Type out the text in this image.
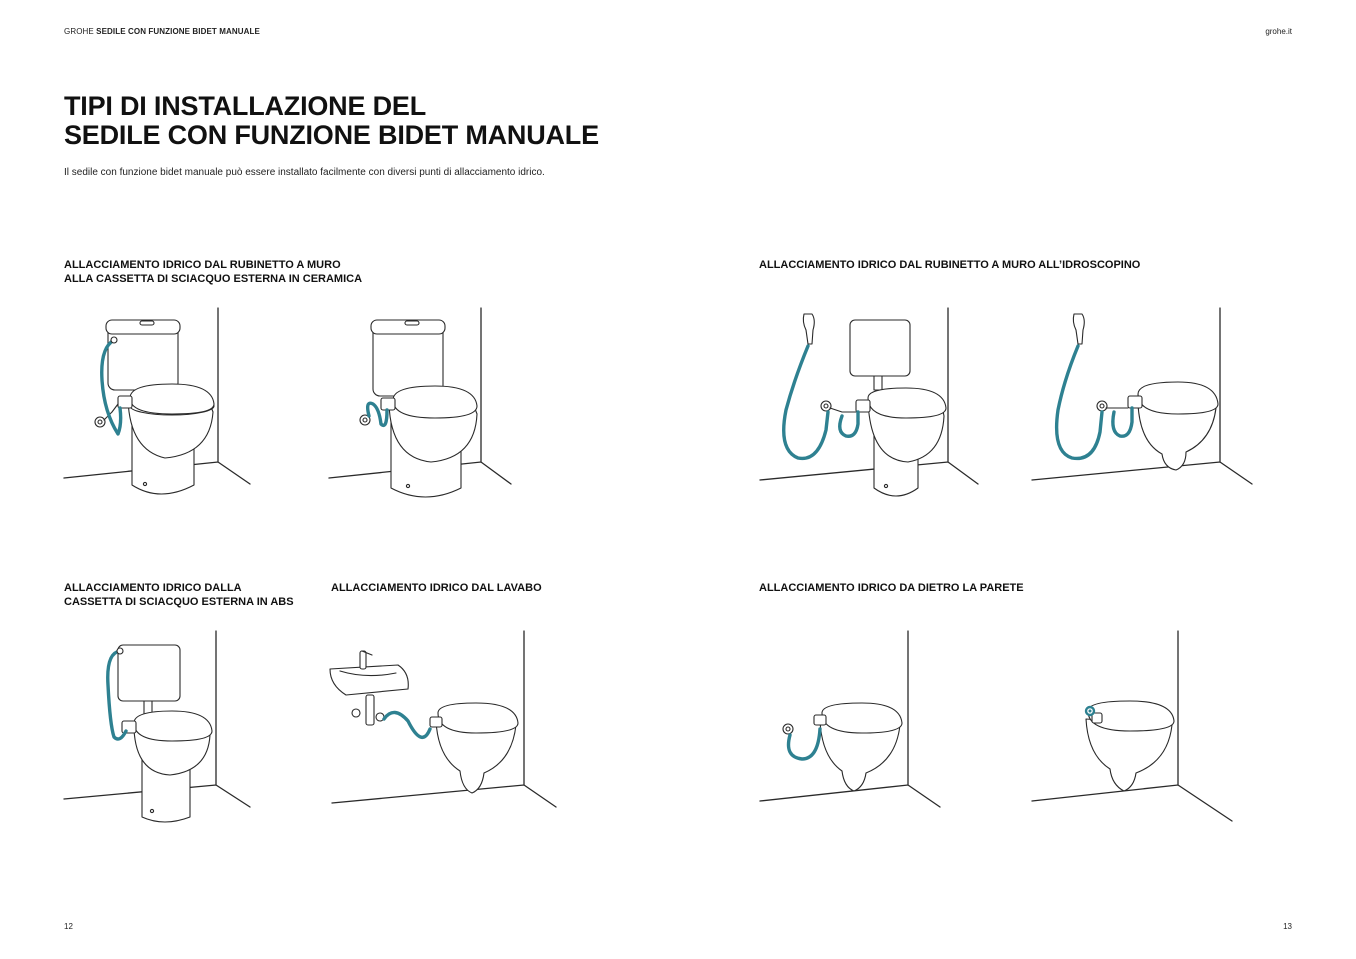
GROHE SEDILE CON FUNZIONE BIDET MANUALE	grohe.it
TIPI DI INSTALLAZIONE DEL
SEDILE CON FUNZIONE BIDET MANUALE

Il sedile con funzione bidet manuale può essere installato facilmente con diversi punti di allacciamento idrico.

ALLACCIAMENTO IDRICO DAL RUBINETTO A MURO
ALLA CASSETTA DI SCIACQUO ESTERNA IN CERAMICA
ALLACCIAMENTO IDRICO DAL RUBINETTO A MURO ALL’IDROSCOPINO
ALLACCIAMENTO IDRICO DALLA
CASSETTA DI SCIACQUO ESTERNA IN ABS
ALLACCIAMENTO IDRICO DAL LAVABO	ALLACCIAMENTO IDRICO DA DIETRO LA PARETE
12	13
